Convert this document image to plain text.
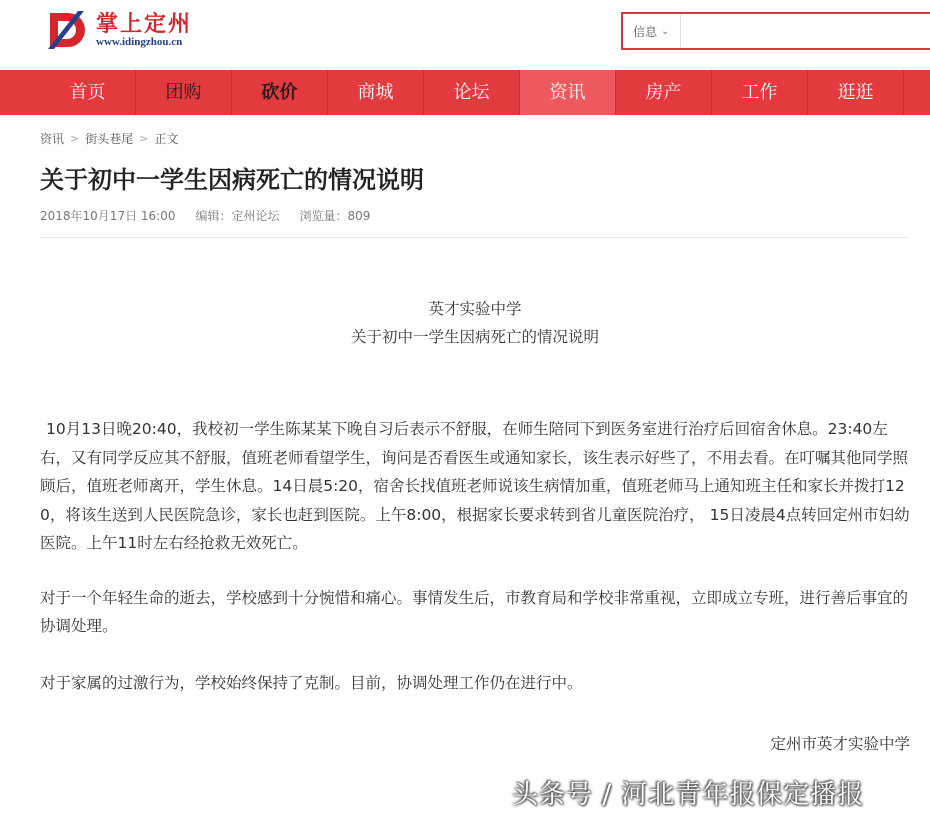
掌上定州
www.idingzhou.cn
信息 ⌄
首页	团购	砍价	商城	论坛	资讯	房产	工作	逛逛
资讯 > 街头巷尾 > 正文
关于初中一学生因病死亡的情况说明
2018年10月17日 16:00 编辑：定州论坛 浏览量：809
英才实验中学
关于初中一学生因病死亡的情况说明

10月13日晚20:40，我校初一学生陈某某下晚自习后表示不舒服，在师生陪同下到医务室进行治疗后回宿舍休息。23:40左右，又有同学反应其不舒服，值班老师看望学生，询问是否看医生或通知家长，该生表示好些了，不用去看。在叮嘱其他同学照顾后，值班老师离开，学生休息。14日晨5:20，宿舍长找值班老师说该生病情加重，值班老师马上通知班主任和家长并拨打120，将该生送到人民医院急诊，家长也赶到医院。上午8:00，根据家长要求转到省儿童医院治疗， 15日凌晨4点转回定州市妇幼医院。上午11时左右经抢救无效死亡。

对于一个年轻生命的逝去，学校感到十分惋惜和痛心。事情发生后，市教育局和学校非常重视，立即成立专班，进行善后事宜的协调处理。

对于家属的过激行为，学校始终保持了克制。目前，协调处理工作仍在进行中。

定州市英才实验中学
头条号 / 河北青年报保定播报
